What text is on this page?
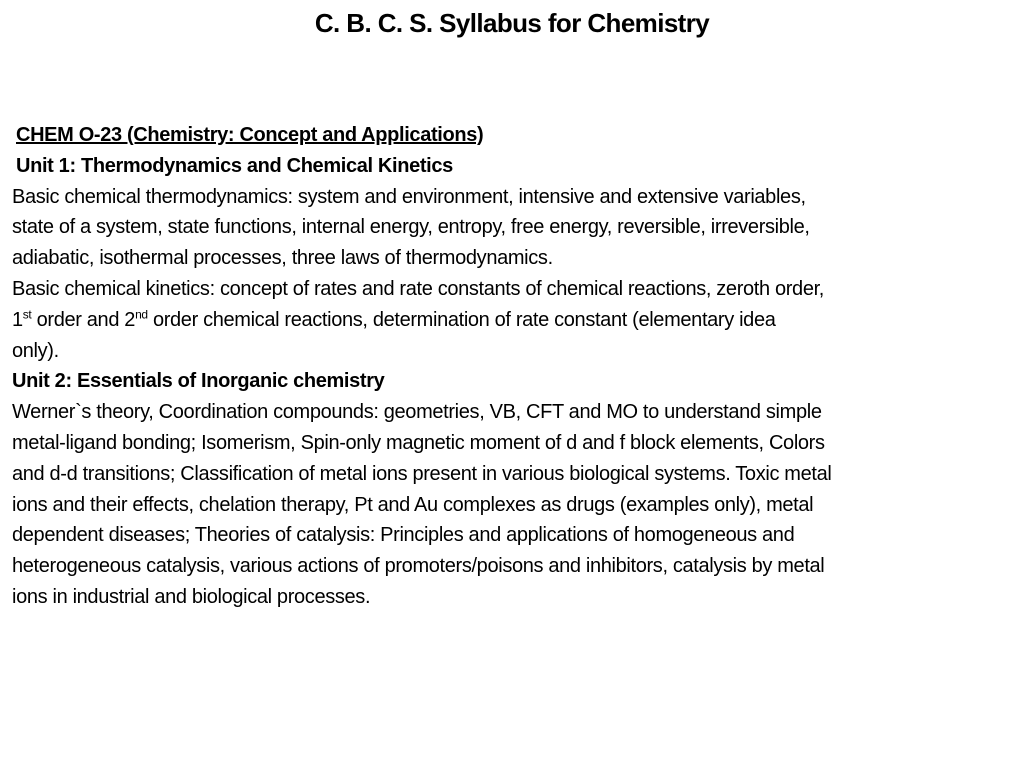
C. B. C. S. Syllabus for Chemistry
CHEM O-23 (Chemistry: Concept and Applications)
Unit 1: Thermodynamics and Chemical Kinetics
Basic chemical thermodynamics: system and environment, intensive and extensive variables,
state of a system, state functions, internal energy, entropy, free energy, reversible, irreversible,
adiabatic, isothermal processes, three laws of thermodynamics.
Basic chemical kinetics: concept of rates and rate constants of chemical reactions, zeroth order,
1st order and 2nd order chemical reactions, determination of rate constant (elementary idea
only).
Unit 2: Essentials of Inorganic chemistry
Werner`s theory, Coordination compounds: geometries, VB, CFT and MO to understand simple
metal-ligand bonding; Isomerism, Spin-only magnetic moment of d and f block elements, Colors
and d-d transitions; Classification of metal ions present in various biological systems. Toxic metal
ions and their effects, chelation therapy, Pt and Au complexes as drugs (examples only), metal
dependent diseases; Theories of catalysis: Principles and applications of homogeneous and
heterogeneous catalysis, various actions of promoters/poisons and inhibitors, catalysis by metal
ions in industrial and biological processes.
